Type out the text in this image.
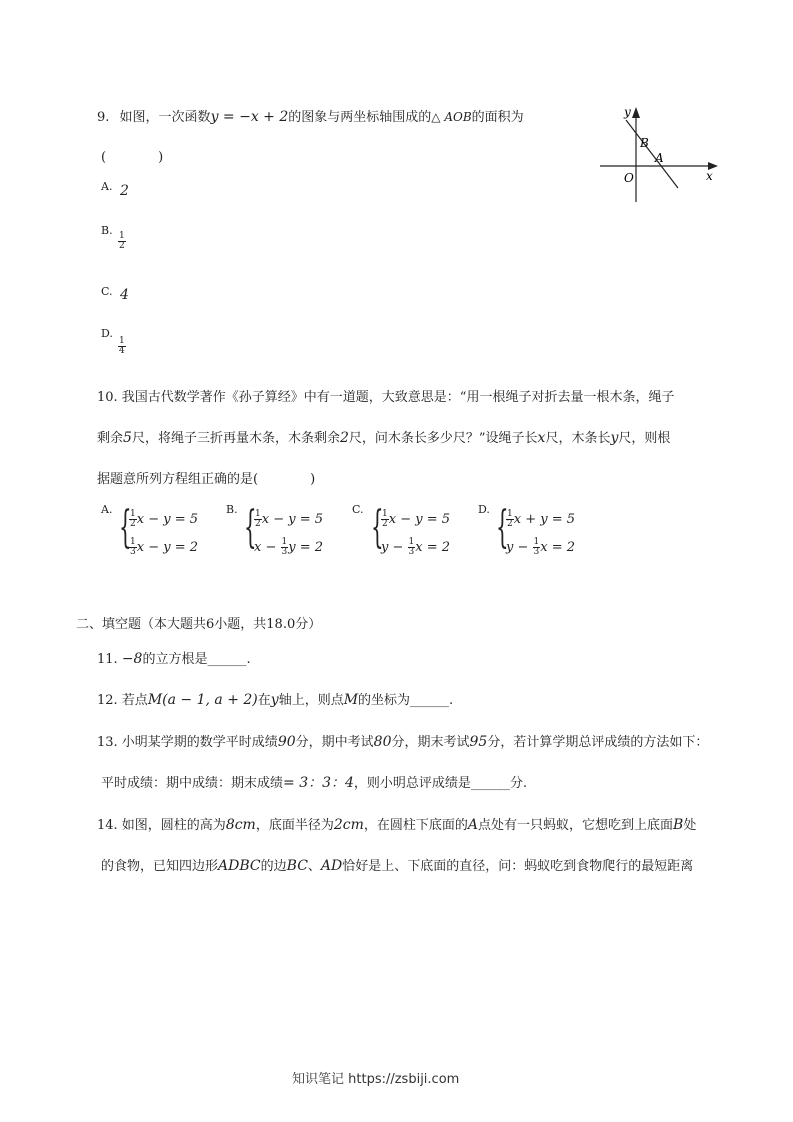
9. 如图，一次函数y = −x + 2的图象与两坐标轴围成的△ AOB的面积为
(　　　　)
A. 2
B.
$\frac{1}{2}$
C. 4
D.
$\frac{1}{4}$
y
x
O
A
B
10. 我国古代数学著作《孙子算经》中有一道题，大致意思是：“用一根绳子对折去量一根木条，绳子
剩余5尺，将绳子三折再量木条，木条剩余2尺，问木条长多少尺？”设绳子长x尺，木条长y尺，则根
据题意所列方程组正确的是(　　　　)
A. {
$\frac{1}{2}$ x − y = 5
$\frac{1}{3}$ x − y = 2
B. {
$\frac{1}{2}$ x − y = 5
$x - \frac{1}{3}$ y = 2
C. {
$\frac{1}{2}$ x − y = 5
$y - \frac{1}{3}$ x = 2
D. {
$\frac{1}{2}$ x + y = 5
$y - \frac{1}{3}$ x = 2
二、填空题（本大题共6小题，共18.0分）
11. −8的立方根是______.
12. 若点M(a − 1, a + 2)在y轴上，则点M的坐标为______.
13. 小明某学期的数学平时成绩90分，期中考试80分，期末考试95分，若计算学期总评成绩的方法如下：
平时成绩：期中成绩：期末成绩= 3：3：4，则小明总评成绩是______分.
14. 如图，圆柱的高为8cm，底面半径为2cm，在圆柱下底面的A点处有一只蚂蚁，它想吃到上底面B处
的食物，已知四边形ADBC的边BC、AD恰好是上、下底面的直径，问：蚂蚁吃到食物爬行的最短距离
知识笔记 https://zsbiji.com
